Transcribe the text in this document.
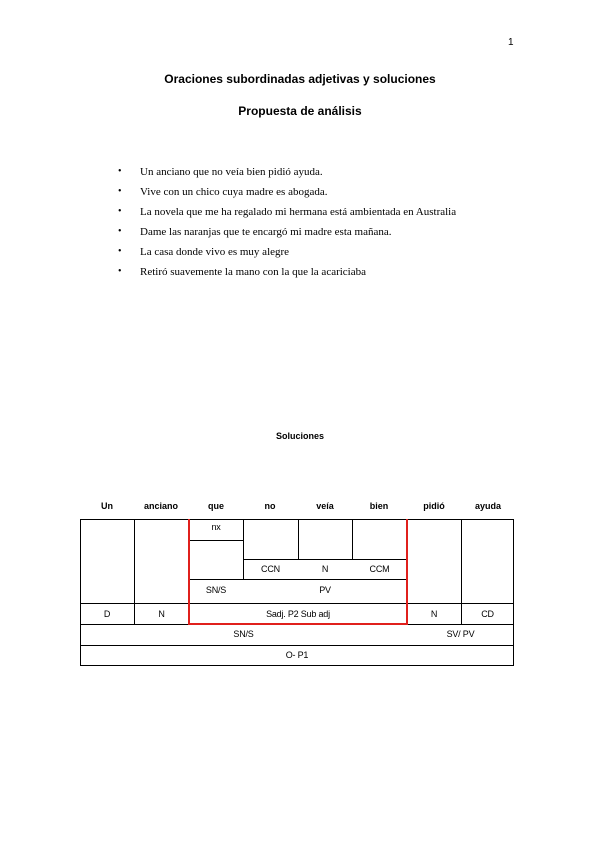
1
Oraciones subordinadas adjetivas y soluciones
Propuesta de análisis
• Un anciano que no veía bien pidió ayuda.
• Vive con un chico cuya madre es abogada.
• La novela que me ha regalado mi hermana está ambientada en Australia
• Dame las naranjas que te encargó mi madre esta mañana.
• La casa donde vivo es muy alegre
• Retiró suavemente la mano con la que la acariciaba
Soluciones
Un	anciano	que	no	veía	bien	pidió	ayuda
nx
CCN	N	CCM
SN/S	PV
D	N	Sadj. P2 Sub adj	N	CD
SN/S	SV/ PV
O- P1
